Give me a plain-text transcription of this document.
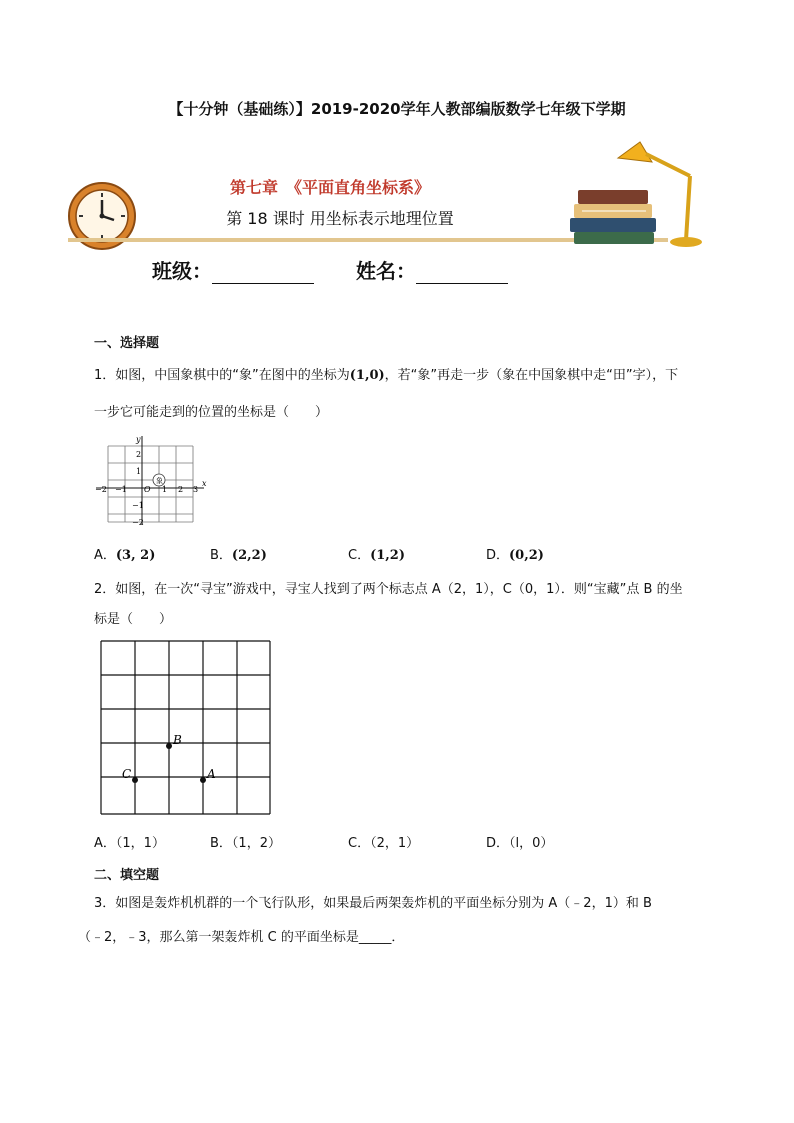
【十分钟（基础练）】2019-2020学年人教部编版数学七年级下学期
第七章　《平面直角坐标系》
第 18 课时 用坐标表示地理位置
班级：	姓名：
一、选择题
1．如图，中国象棋中的“象”在图中的坐标为(1,0)，若“象”再走一步（象在中国象棋中走“田”字），下
一步它可能走到的位置的坐标是（　　）
象
−2 −1 O 1 2 3
x
y
2
1
−1
−2
A．(3, 2)	B．(2,2)	C．(1,2)	D．(0,2)
2．如图，在一次“寻宝”游戏中，寻宝人找到了两个标志点 A（2，1），C（0，1）．则“宝藏”点 B 的坐
标是（　　）
C
B
A
A．（1，1）	B．（1，2）	C．（2，1）	D．（l，0）
二、填空题
3．如图是轰炸机机群的一个飞行队形，如果最后两架轰炸机的平面坐标分别为 A（﹣2，1）和 B
（﹣2，﹣3，那么第一架轰炸机 C 的平面坐标是_____．
